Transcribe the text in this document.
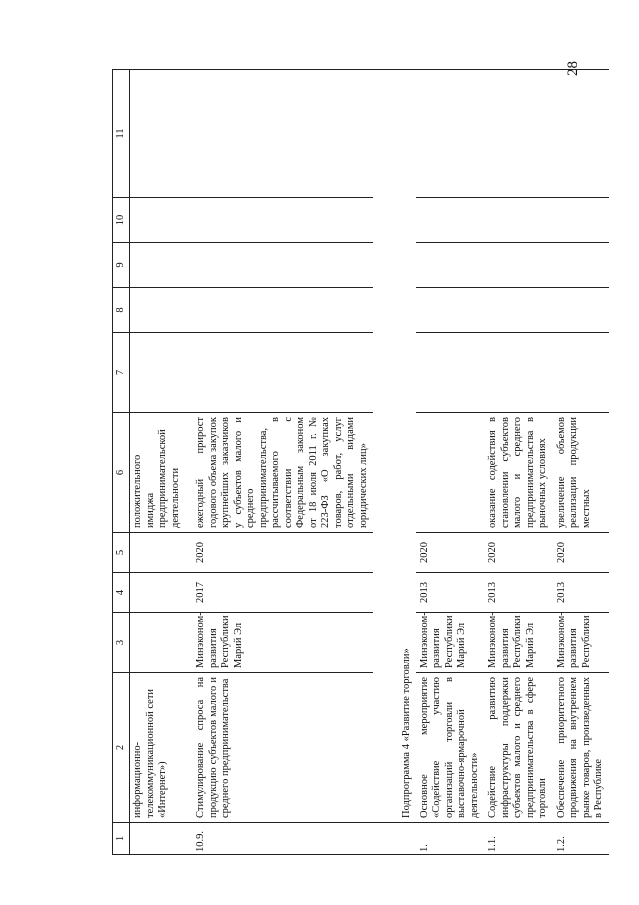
28
1	2	3	4	5	6	7	8	9	10	11
	информационно-телекоммуникационной сети «Интернет»)				положительного имиджа предпринимательской деятельности					
10.9.	Стимулирование спроса на продукцию субъектов малого и среднего предпринимательства	Минэконом-развития Республики Марий Эл	2017	2020	ежегодный прирост годового объема закупок крупнейших заказчиков у субъектов малого и среднего предпринимательства, рассчитываемого в соответствии с Федеральным законом от 18 июля 2011 г. № 223-ФЗ «О закупках товаров, работ, услуг отдельными видами юридических лиц»					
	Подпрограмма 4 «Развитие торговли»									
1.	Основное мероприятие «Содействие участию организаций торговли в выставочно-ярмарочной деятельности»	Минэконом-развития Республики Марий Эл	2013	2020						
1.1.	Содействие развитию инфраструктуры поддержки субъектов малого и среднего предпринимательства в сфере торговли	Минэконом-развития Республики Марий Эл	2013	2020	оказание содействия в становлении субъектов малого и среднего предпринимательства в рыночных условиях					
1.2.	Обеспечение приоритетного продвижения на внутреннем рынке товаров, произведенных в Республике	Минэконом-развития Республики	2013	2020	увеличение объемов реализации продукции местных					
